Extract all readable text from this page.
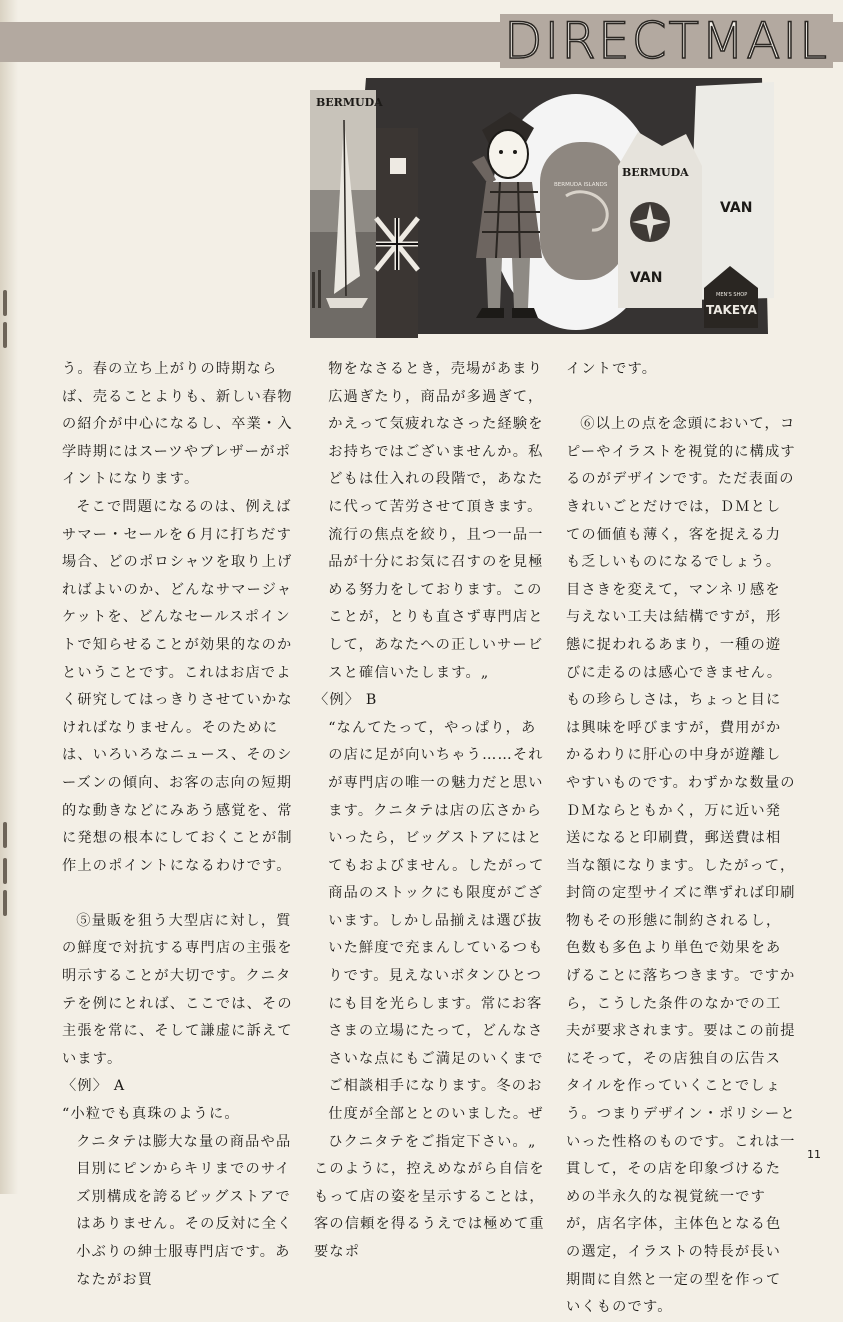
DIRECTMAIL
BERMUDA
BERMUDA ISLANDS
BERMUDA
VAN
VAN
MEN'S SHOP
TAKEYA

う。春の立ち上がりの時期ならば、売ることよりも、新しい春物の紹介が中心になるし、卒業・入学時期にはスーツやブレザーがポイントになります。

そこで問題になるのは、例えばサマー・セールを６月に打ちだす場合、どのポロシャツを取り上げればよいのか、どんなサマージャケットを、どんなセールスポイントで知らせることが効果的なのかということです。これはお店でよく研究してはっきりさせていかなければなりません。そのためには、いろいろなニュース、そのシーズンの傾向、お客の志向の短期的な動きなどにみあう感覚を、常に発想の根本にしておくことが制作上のポイントになるわけです。

⑤量販を狙う大型店に対し，質の鮮度で対抗する専門店の主張を明示することが大切です。クニタテを例にとれば、ここでは、その主張を常に、そして謙虚に訴えています。

〈例〉 A

“小粒でも真珠のように。

クニタテは膨大な量の商品や品目別にピンからキリまでのサイズ別構成を誇るビッグストアではありません。その反対に全く小ぶりの紳士服専門店です。あなたがお買

物をなさるとき，売場があまり広過ぎたり，商品が多過ぎて，かえって気疲れなさった経験をお持ちではございませんか。私どもは仕入れの段階で，あなたに代って苦労させて頂きます。

流行の焦点を絞り，且つ一品一品が十分にお気に召すのを見極める努力をしております。このことが，とりも直さず専門店として，あなたへの正しいサービスと確信いたします。„

〈例〉 B

“なんてたって，やっぱり，あの店に足が向いちゃう……それが専門店の唯一の魅力だと思います。クニタテは店の広さからいったら，ビッグストアにはとてもおよびません。したがって商品のストックにも限度がございます。しかし品揃えは選び抜いた鮮度で充まんしているつもりです。見えないボタンひとつにも目を光らします。常にお客さまの立場にたって，どんなささいな点にもご満足のいくまでご相談相手になります。冬のお仕度が全部ととのいました。ぜひクニタテをご指定下さい。„

このように，控えめながら自信をもって店の姿を呈示することは，客の信頼を得るうえでは極めて重要なポ

イントです。

⑥以上の点を念頭において，コピーやイラストを視覚的に構成するのがデザインです。ただ表面のきれいごとだけでは，ＤＭとしての価値も薄く，客を捉える力も乏しいものになるでしょう。目さきを変えて，マンネリ感を与えない工夫は結構ですが，形態に捉われるあまり，一種の遊びに走るのは感心できません。もの珍らしさは，ちょっと目には興味を呼びますが，費用がかかるわりに肝心の中身が遊離しやすいものです。わずかな数量のＤＭならともかく，万に近い発送になると印刷費，郵送費は相当な額になります。したがって，封筒の定型サイズに準ずれば印刷物もその形態に制約されるし，色数も多色より単色で効果をあげることに落ちつきます。ですから，こうした条件のなかでの工夫が要求されます。要はこの前提にそって，その店独自の広告スタイルを作っていくことでしょう。つまりデザイン・ポリシーといった性格のものです。これは一貫して，その店を印象づけるための半永久的な視覚統一ですが，店名字体，主体色となる色の選定，イラストの特長が長い期間に自然と一定の型を作っていくものです。

11
